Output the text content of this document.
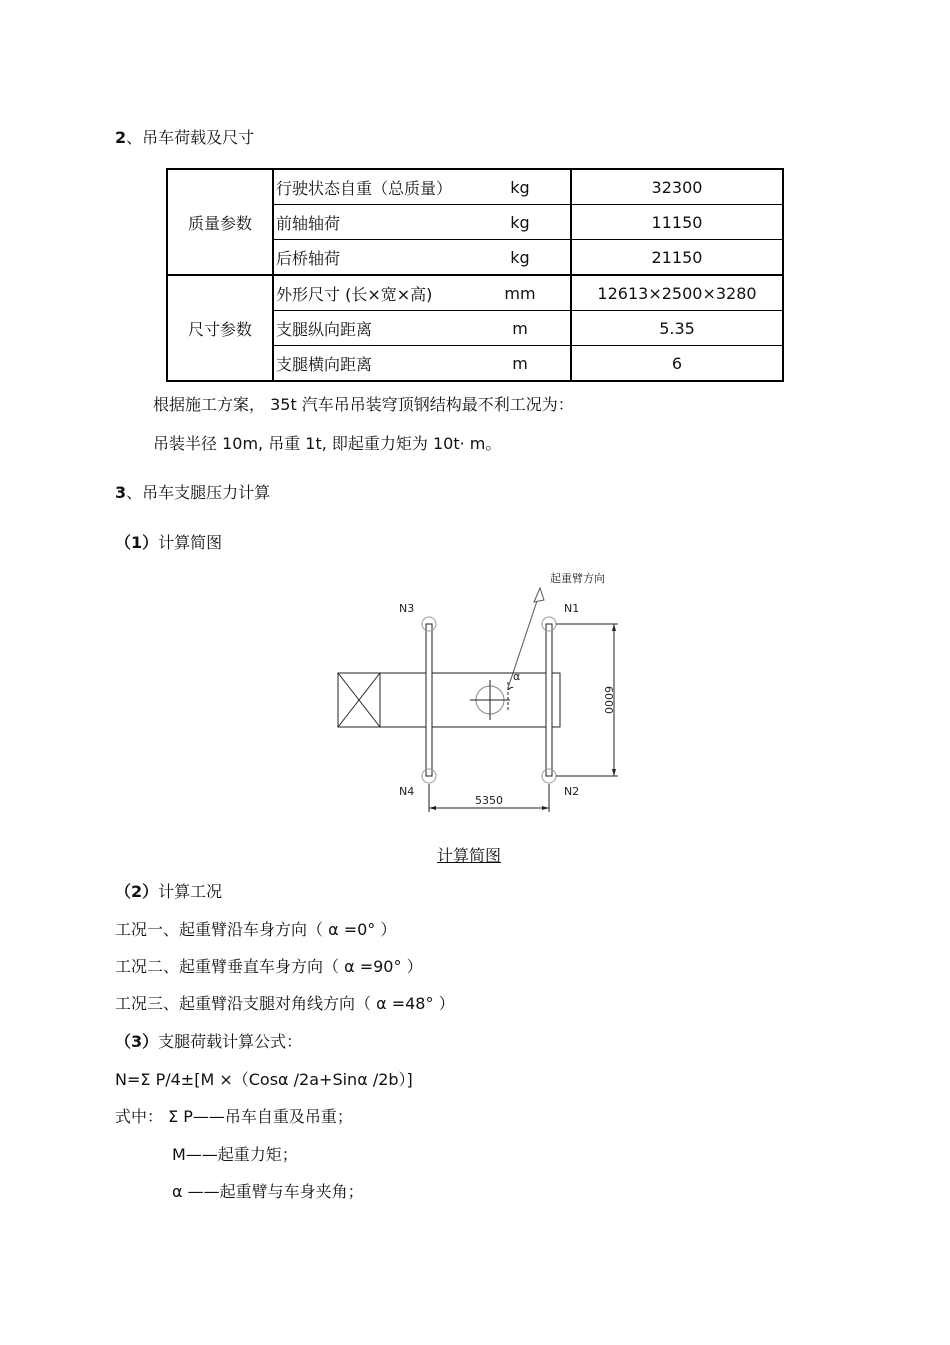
2、吊车荷载及尺寸
质量参数	行驶状态自重（总质量）	kg	32300
	前轴轴荷	kg	11150
	后桥轴荷	kg	21150
尺寸参数	外形尺寸 (长×宽×高)	mm	12613×2500×3280
	支腿纵向距离	m	5.35
	支腿横向距离	m	6
根据施工方案， 35t 汽车吊吊装穹顶钢结构最不利工况为：
吊装半径 10m, 吊重 1t, 即起重力矩为 10t· m。
3、吊车支腿压力计算
（1）计算简图
起重臂方向
α
N3	N1
N4	N2
5350
6000
计算简图
（2）计算工况
工况一、起重臂沿车身方向（ α =0° ）
工况二、起重臂垂直车身方向（ α =90° ）
工况三、起重臂沿支腿对角线方向（ α =48° ）
（3）支腿荷载计算公式：
N=Σ P/4±[M ×（Cosα /2a+Sinα /2b）]
式中： Σ P——吊车自重及吊重；
M——起重力矩；
α ——起重臂与车身夹角；
